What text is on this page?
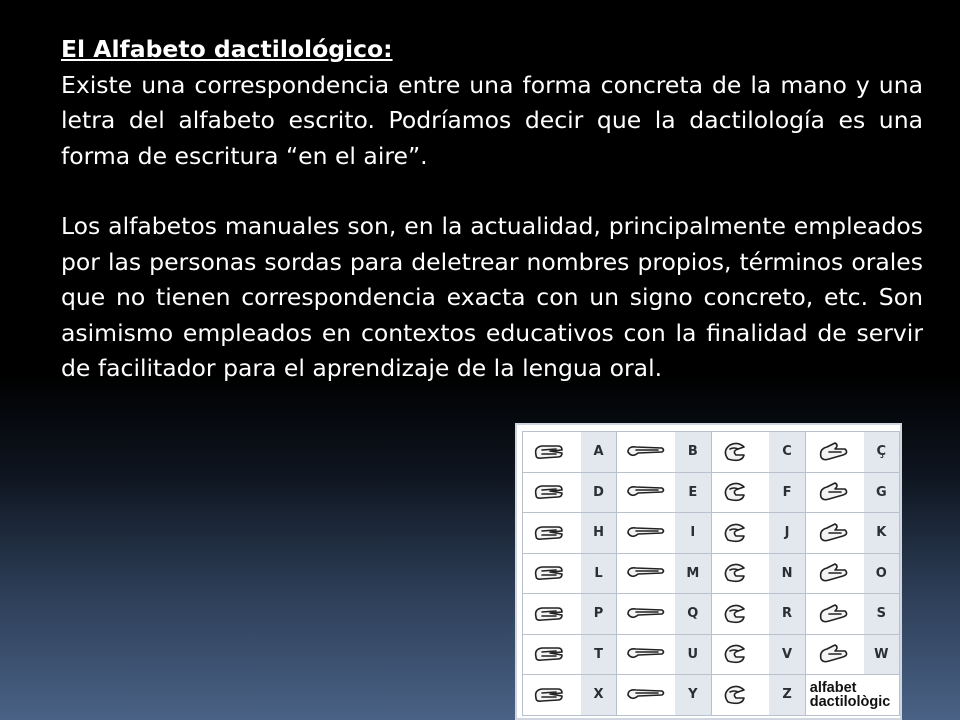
El Alfabeto dactilológico:
Existe una correspondencia entre una forma concreta de la mano y una letra del alfabeto escrito. Podríamos decir que la dactilología es una forma de escritura “en el aire”.

Los alfabetos manuales son, en la actualidad, principalmente empleados por las personas sordas para deletrear nombres propios, términos orales que no tienen correspondencia exacta con un signo concreto, etc. Son asimismo empleados en contextos educativos con la finalidad de servir de facilitador para el aprendizaje de la lengua oral.

A	B	C	Ç
D	E	F	G
H	I	J	K
L	M	N	O
P	Q	R	S
T	U	V	W
X	Y	Z	alfabet
dactilològic
